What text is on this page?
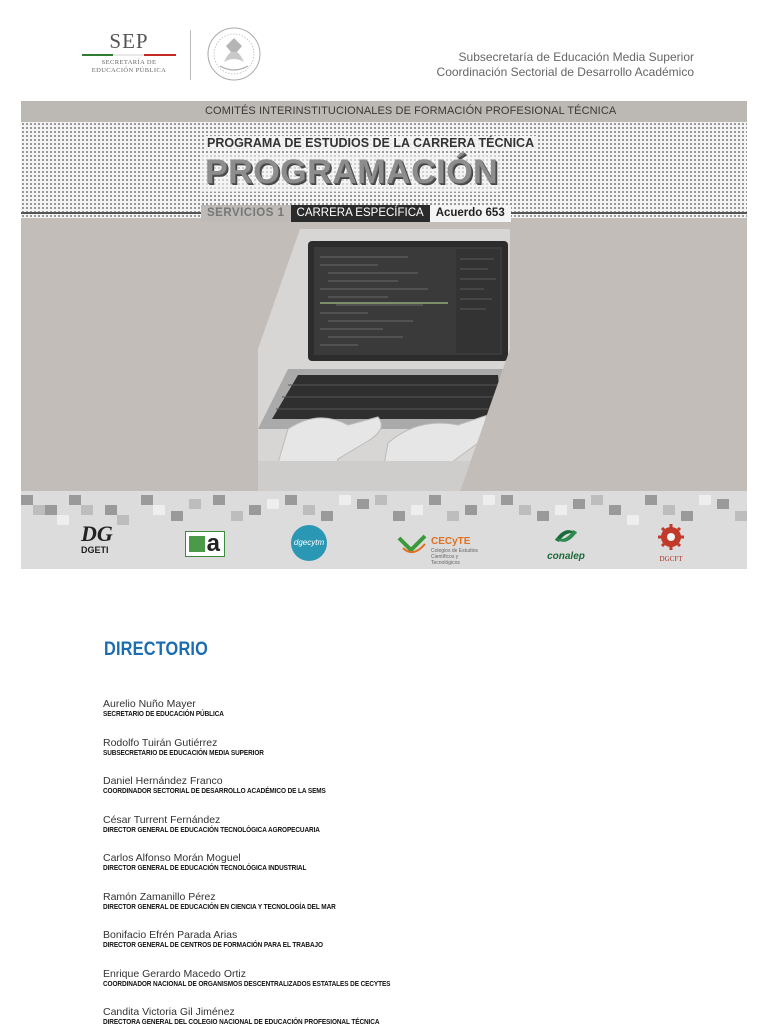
SEP
SECRETARÍA DE
EDUCACIÓN PÚBLICA
Subsecretaría de Educación Media Superior
Coordinación Sectorial de Desarrollo Académico
COMITÉS INTERINSTITUCIONALES DE FORMACIÓN PROFESIONAL TÉCNICA
PROGRAMA DE ESTUDIOS DE LA CARRERA TÉCNICA
PROGRAMACIÓN
SERVICIOS 1	CARRERA ESPECÍFICA	Acuerdo 653
DG
DGETI	a	dgecytm	CECyTE
Colegios de Estudios Científicos y Tecnológicos
conalep	DGCFT
DIRECTORIO
Aurelio Nuño Mayer
SECRETARIO DE EDUCACIÓN PÚBLICA
Rodolfo Tuirán Gutiérrez
SUBSECRETARIO DE EDUCACIÓN MEDIA SUPERIOR
Daniel Hernández Franco
COORDINADOR SECTORIAL DE DESARROLLO ACADÉMICO DE LA SEMS
César Turrent Fernández
DIRECTOR GENERAL DE EDUCACIÓN TECNOLÓGICA AGROPECUARIA
Carlos Alfonso Morán Moguel
DIRECTOR GENERAL DE EDUCACIÓN TECNOLÓGICA INDUSTRIAL
Ramón Zamanillo Pérez
DIRECTOR GENERAL DE EDUCACIÓN EN CIENCIA Y TECNOLOGÍA DEL MAR
Bonifacio Efrén Parada Arias
DIRECTOR GENERAL DE CENTROS DE FORMACIÓN PARA EL TRABAJO
Enrique Gerardo Macedo Ortiz
COORDINADOR NACIONAL DE ORGANISMOS DESCENTRALIZADOS ESTATALES DE CECYTES
Candita Victoria Gil Jiménez
DIRECTORA GENERAL DEL COLEGIO NACIONAL DE EDUCACIÓN PROFESIONAL TÉCNICA
